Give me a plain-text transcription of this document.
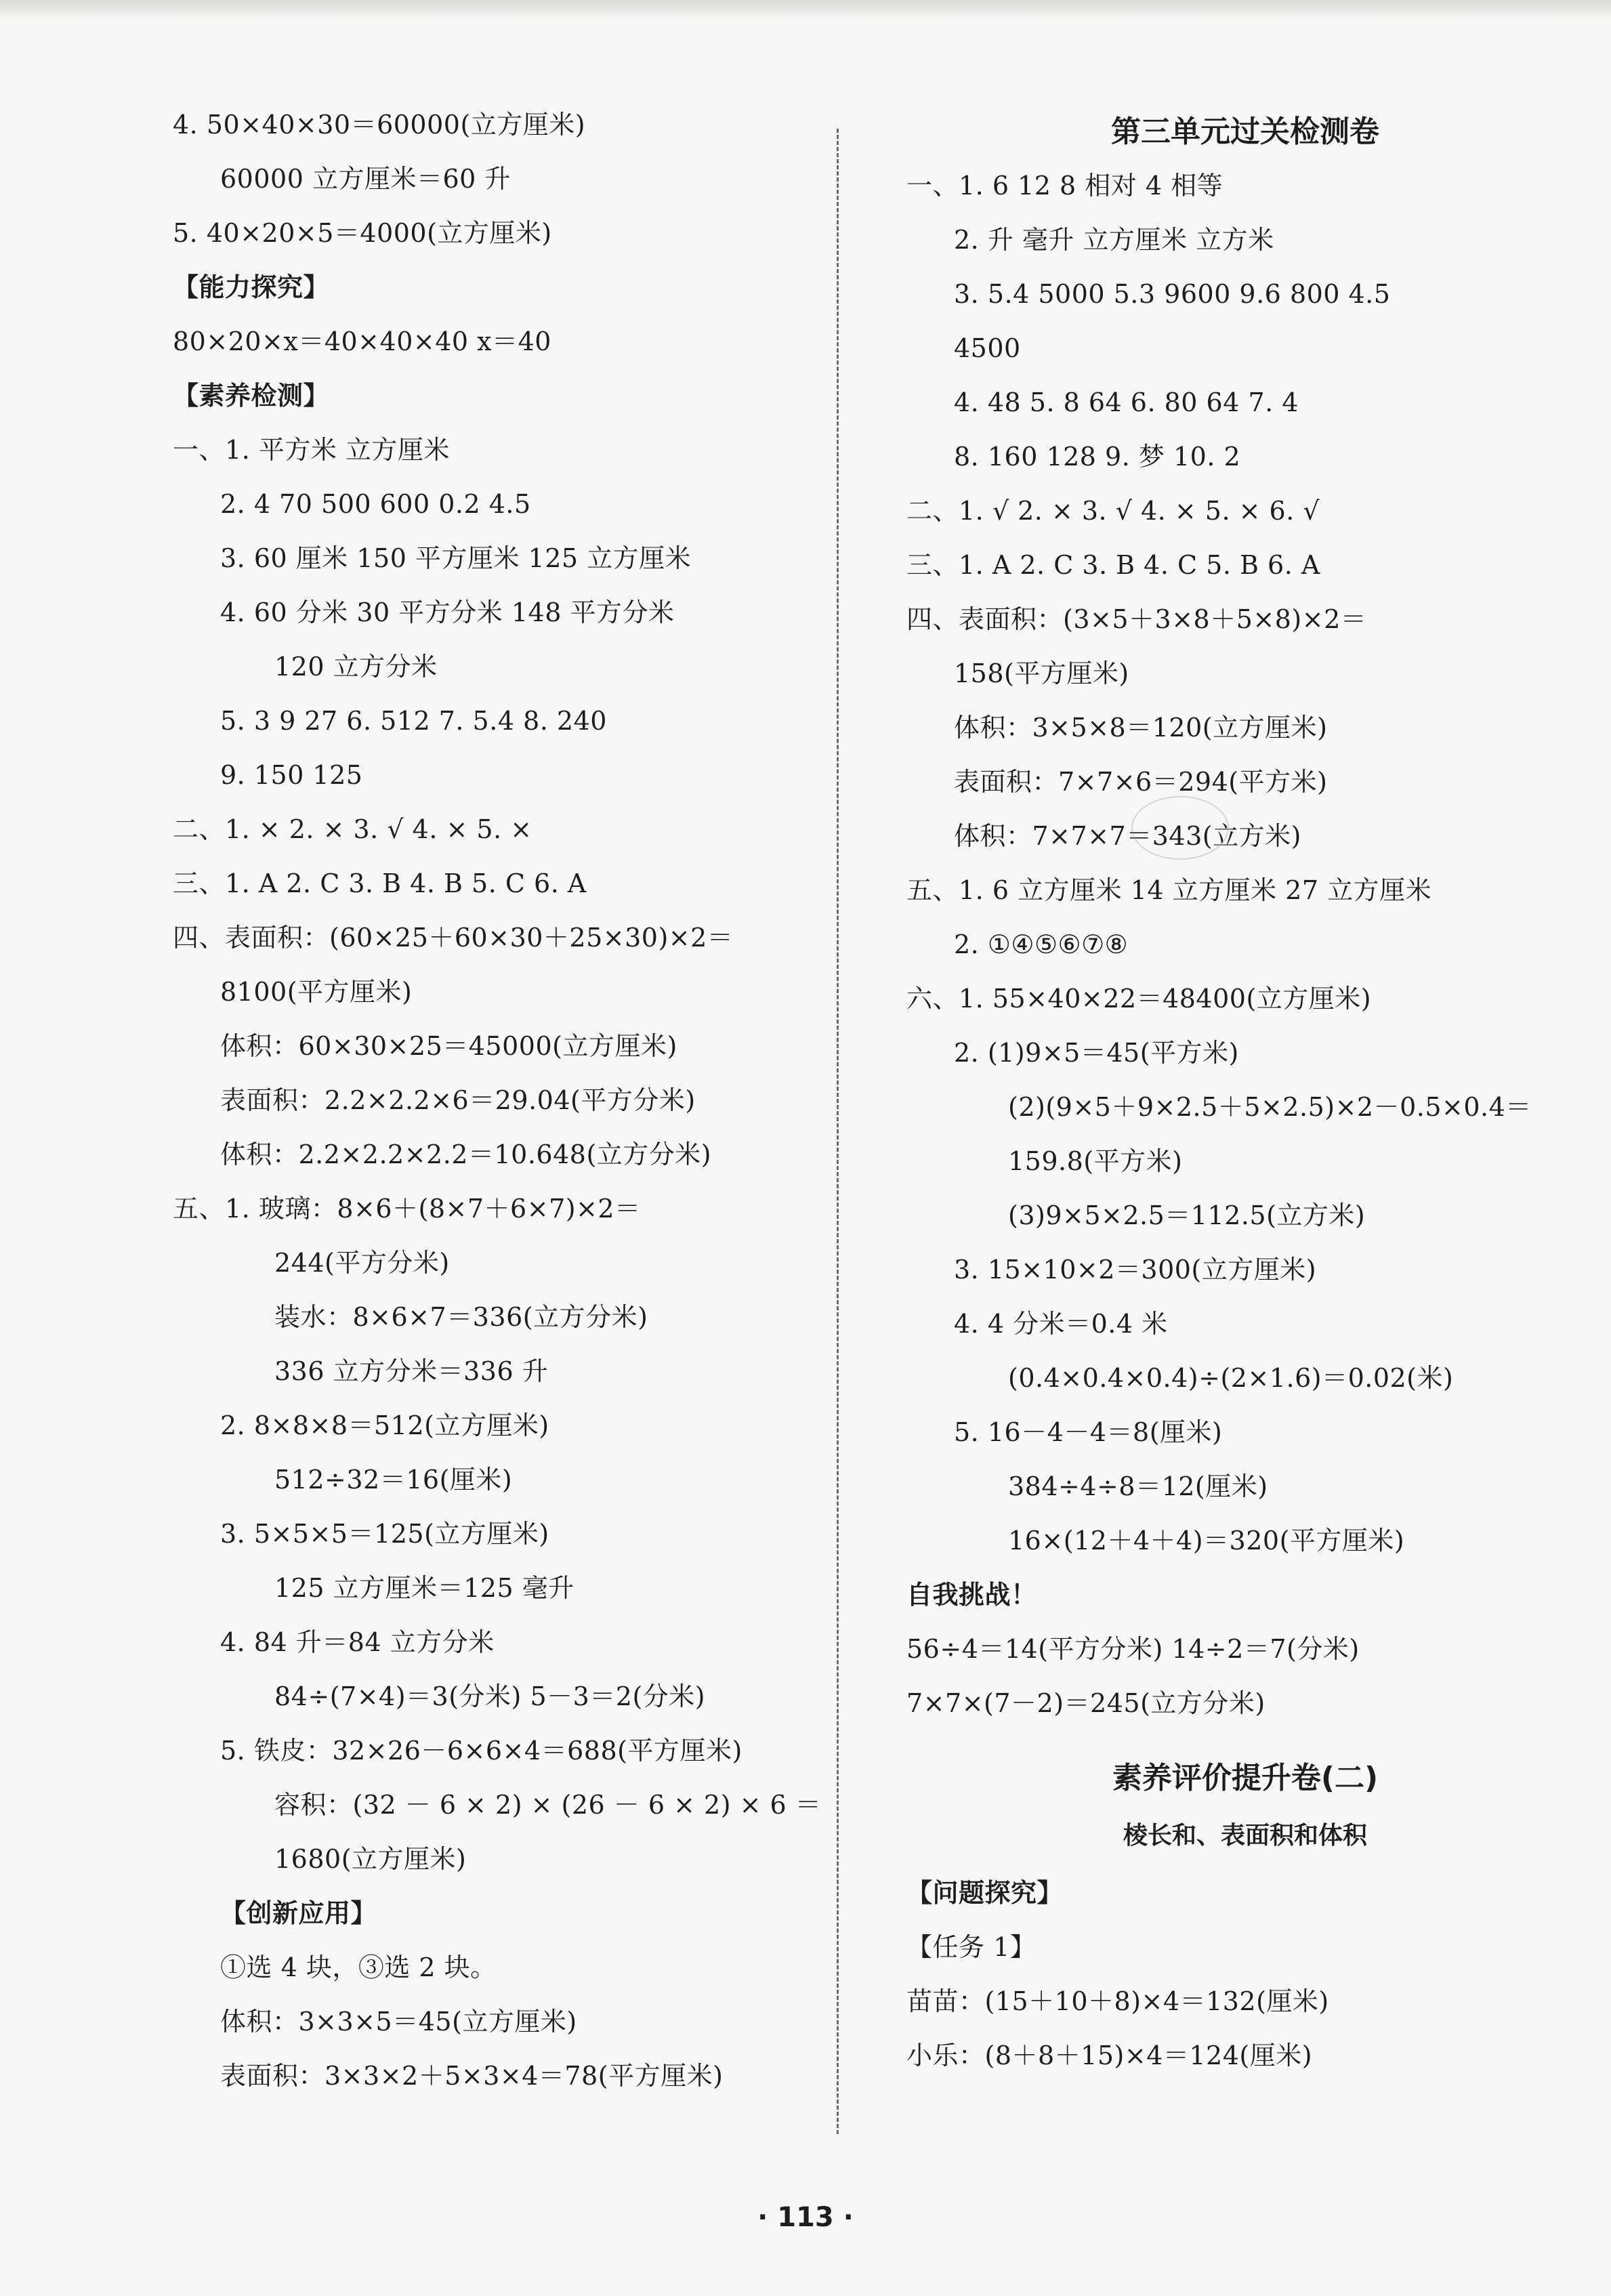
4. 50×40×30＝60000(立方厘米)
60000 立方厘米＝60 升
5. 40×20×5＝4000(立方厘米)
【能力探究】
80×20×x＝40×40×40 x＝40
【素养检测】
一、1. 平方米 立方厘米
2. 4 70 500 600 0.2 4.5
3. 60 厘米 150 平方厘米 125 立方厘米
4. 60 分米 30 平方分米 148 平方分米
120 立方分米
5. 3 9 27 6. 512 7. 5.4 8. 240
9. 150 125
二、1. × 2. × 3. √ 4. × 5. ×
三、1. A 2. C 3. B 4. B 5. C 6. A
四、表面积：(60×25＋60×30＋25×30)×2＝
8100(平方厘米)
体积：60×30×25＝45000(立方厘米)
表面积：2.2×2.2×6＝29.04(平方分米)
体积：2.2×2.2×2.2＝10.648(立方分米)
五、1. 玻璃：8×6＋(8×7＋6×7)×2＝
244(平方分米)
装水：8×6×7＝336(立方分米)
336 立方分米＝336 升
2. 8×8×8＝512(立方厘米)
512÷32＝16(厘米)
3. 5×5×5＝125(立方厘米)
125 立方厘米＝125 毫升
4. 84 升＝84 立方分米
84÷(7×4)＝3(分米) 5－3＝2(分米)
5. 铁皮：32×26－6×6×4＝688(平方厘米)
容积：(32 － 6 × 2) × (26 － 6 × 2) × 6 ＝
1680(立方厘米)
【创新应用】
①选 4 块，③选 2 块。
体积：3×3×5＝45(立方厘米)
表面积：3×3×2＋5×3×4＝78(平方厘米)
第三单元过关检测卷
一、1. 6 12 8 相对 4 相等
2. 升 毫升 立方厘米 立方米
3. 5.4 5000 5.3 9600 9.6 800 4.5
4500
4. 48 5. 8 64 6. 80 64 7. 4
8. 160 128 9. 梦 10. 2
二、1. √ 2. × 3. √ 4. × 5. × 6. √
三、1. A 2. C 3. B 4. C 5. B 6. A
四、表面积：(3×5＋3×8＋5×8)×2＝
158(平方厘米)
体积：3×5×8＝120(立方厘米)
表面积：7×7×6＝294(平方米)
体积：7×7×7＝343(立方米)
五、1. 6 立方厘米 14 立方厘米 27 立方厘米
2. ①④⑤⑥⑦⑧
六、1. 55×40×22＝48400(立方厘米)
2. (1)9×5＝45(平方米)
(2)(9×5＋9×2.5＋5×2.5)×2－0.5×0.4＝
159.8(平方米)
(3)9×5×2.5＝112.5(立方米)
3. 15×10×2＝300(立方厘米)
4. 4 分米＝0.4 米
(0.4×0.4×0.4)÷(2×1.6)＝0.02(米)
5. 16－4－4＝8(厘米)
384÷4÷8＝12(厘米)
16×(12＋4＋4)＝320(平方厘米)
自我挑战！
56÷4＝14(平方分米) 14÷2＝7(分米)
7×7×(7－2)＝245(立方分米)
素养评价提升卷(二)
棱长和、表面积和体积
【问题探究】
【任务 1】
苗苗：(15＋10＋8)×4＝132(厘米)
小乐：(8＋8＋15)×4＝124(厘米)
· 113 ·
